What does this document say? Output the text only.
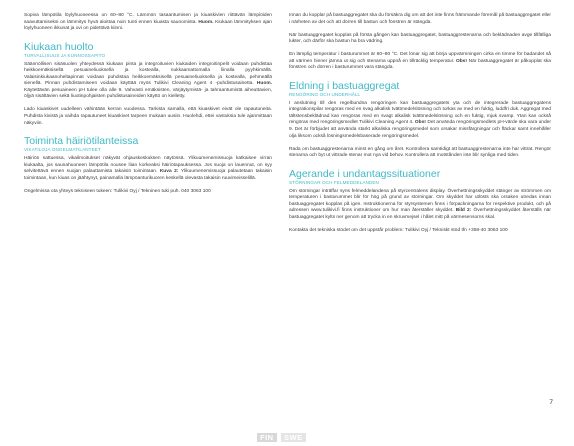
Sopiva lämpötila löylyhuoneessa on 60–80 °C. Lämmön tasaantumisen ja kiuaskivien riittävän lämpiöiden saavuttamiseksi on lämmitys hyvä aloittaa noin tunti ennen kiuasta saunomista. Huom. Kiukaan lämmityksen ajan löylyhuoneen ikkunat ja ovi on pidettävä kiinni.

Kiukaan huolto
TURVALLISUUS JA KUNNOSSAPITO

Säännöllisen sisäsuolen yhteydessä kiukaan pinta ja integroituvien kiukaiden integroitinpelit voidaan puhdistaa heikkoemäksisellä pesuaineliuoksella ja kostealla, nukkaamattomalla liinalla pyyhkimällä. Valaisinkiukaanoheltapinnat voidaan puhdistaa heikkoemäksisellä pesuaineliuoksella ja kostealla, pehmeällä sienellä. Pinnan puhdistamiseen voidaan käyttää myös Tulikivi Cleaning Agent 4 -puhdistusainetta. Huom. Käytettävän pesuaineen pH tulee olla alle 9. Vahvasti emäksisten, värjäytymistä- ja tahraantumistä aiheuttavien, öljyä sisältävien sekä liuotinpohjaisten puhdistusaineiden käyttö on kielletty.

Lado kiuaskivet uudelleen vähintään kerran vuodessa. Tarkista samalla, että kiuaskivet eivät ole rapautuneita. Puhdista kivistä ja vaihda rapautuneet kiuaskivet tarpeen mukaan uusiin. Huolehdi, ettei vastuksia tule ajanmittaan näkyviin.

Toiminta häiriötilanteissa
VIKATILOJA ONGELMATILANTEET

Häiriön sattuessa, vikailmoitukset näkyvät ohjauskeskuksen näytössä. Ylikuumenemissuoja katkaisee virran kiukaalta, jos saunahuoneen lämpötila nousee liian korkeaksi häiriötapauksessa. Jos suoja on lauennut, on syy selvitettävä ennen suojan palauttamista takaisin toimintaan. Kuva 2: Ylikuumenemissuoja palautetaan takaisin toimintaan, kun kiuas on jäähtynyt, painamalla lämpöanturikuoren keskellä olevasta takaisin ruuvimeisselillä.

Ongelmissa ota yhteys tekniseen tukeen: Tulikivi Oyj / Tekninen tuki puh. 040 3063 100

Innan du kopplar på bastuaggregatet ska du försäkra dig om att det inte finns främmande föremål på bastuaggregatet eller i närheten av det och att dörren till bastun och fönstren är stängda.

När bastuaggregatet kopplas på första gången kan bastuaggregatet, bastuaggrestenarna och beklädnaden avge tillfälliga lukter, och därför ska bastun ha bra vädring.

En lämplig temperatur i basturummet är 60–80 °C. Det lönar sig att börja uppvärmningen cirka en timme för badandet så att värmen hinner jämna ut sig och stenarna uppnå en tillräcklig temperatur. Obs! När bastuaggregatet är påkopplat ska fönstren och dörren i basturummet vara stängda.

Eldning i bastuaggregat
RENGÖRING OCH UNDERHÅLL

I anslutning till den regelbundna rengöringen kan bastuaggregatets yta och de integrerade bastuaggregatens integrationspilar rengöras med en svag alkalisk tvättmedelslösning och torkas av med en fuktig, luddfri duk. Aggregat med tältstensbeklädnad kan rengöras med en svagt alkalisk tvättmedelslösning och en fuktig, mjuk svamp. Ytan kan också rengöras med rengöringsmedlet Tulikivi Cleaning Agent 4. Obs! Det använda rengöringsmedlets pH-värde ska vara under 9. Det är förbjudet att använda starkt alkaliska rengöringsmedel som orsakar missfärgningar och fläckar samt innehåller olja liksom också lösningsmedelsbaserade rengöringsmedel.

Rada om bastuaggrestenarna minst en gång om året. Kontrollera samtidigt att bastuaggrestenarna inte har vittrat. Rengör stenarna och byt ut vittrade stenar mot nya vid behov. Kontrollera att motstånden inte blir synliga med tiden.

Agerande i undantagssituationer
STÖRNINGAR OCH FELMEDDELANDEN

Om störningar inträffar syns felmeddelandena på styrcentralens display. Överhettningsskyddet stänger av strömmen om temperaturen i basturummet blir för hög på grund av störningar. Om skyddet har utlösts ska orsaken utredas innan bastuaggregatet kopplas på igen. Instruktionerna för styrsystemen finns i förpackningarna för respektive produkt, och på adressen www.tulikivi.fi finns instruktioner om hur man återställer skyddet. Bild 2: Överhettningsskyddet återställs när bastuaggregatet kylts ner genom att trycka in en skruvmejsel i hålet mitt på värmesensorns skal.

Kontakta det tekniska stödet om det uppstår problem: Tulikivi Oyj / Tekniskt stöd tfn +358-40 3063 100

7
FIN	SWE
